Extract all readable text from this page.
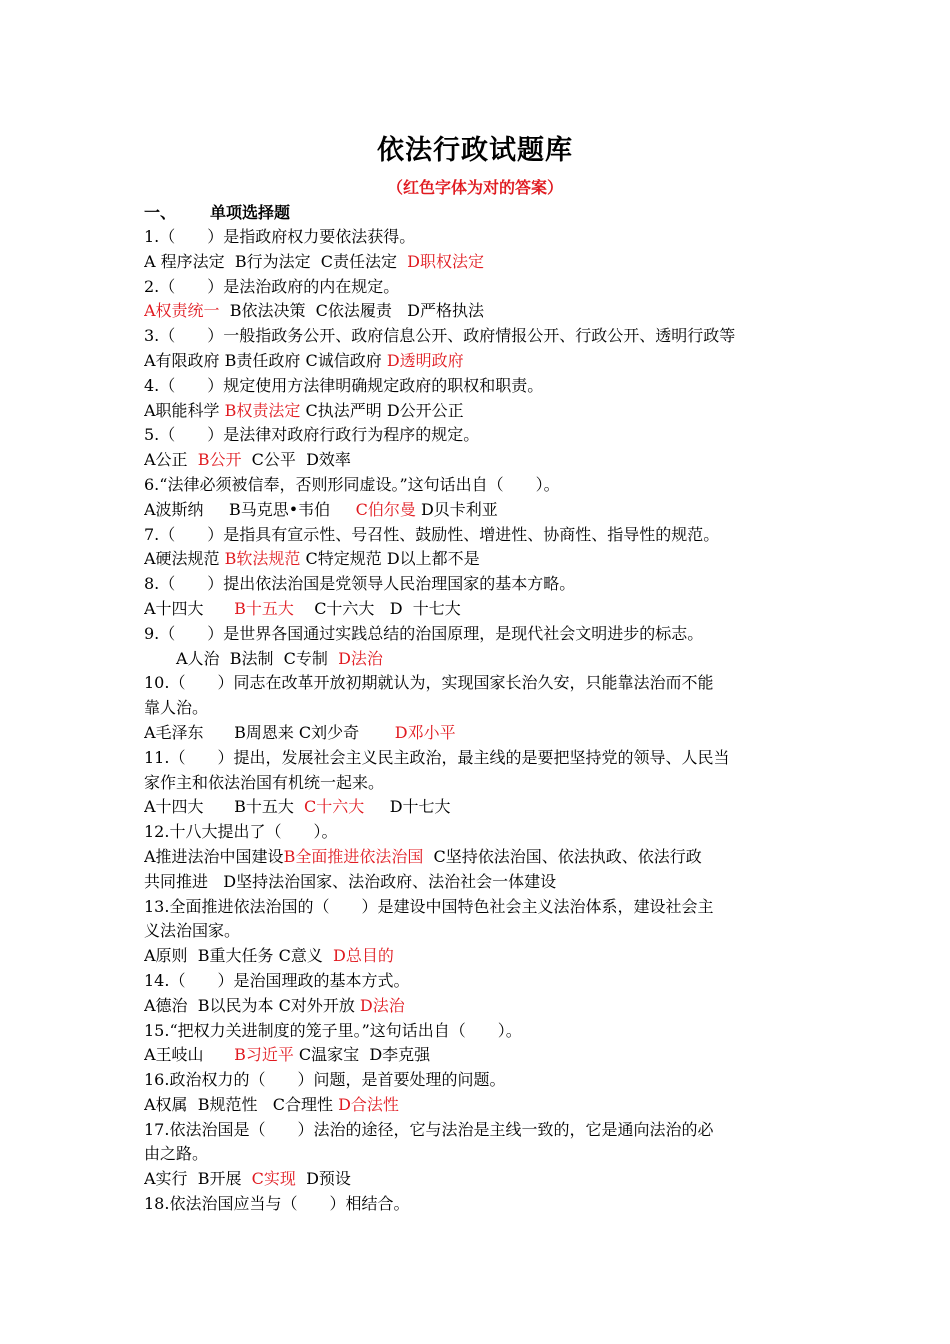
依法行政试题库
（红色字体为对的答案）
一、 单项选择题
1.（　　）是指政府权力要依法获得。
A 程序法定  B行为法定  C责任法定  D职权法定
2.（　　）是法治政府的内在规定。
A权责统一  B依法决策  C依法履责   D严格执法
3.（　　）一般指政务公开、政府信息公开、政府情报公开、行政公开、透明行政等
A有限政府 B责任政府 C诚信政府 D透明政府
4.（　　）规定使用方法律明确规定政府的职权和职责。
A职能科学 B权责法定 C执法严明 D公开公正
5.（　　）是法律对政府行政行为程序的规定。
A公正  B公开  C公平  D效率
6.“法律必须被信奉，否则形同虚设。”这句话出自（　　）。
A波斯纳     B马克思•韦伯     C伯尔曼 D贝卡利亚
7.（　　）是指具有宣示性、号召性、鼓励性、增进性、协商性、指导性的规范。
A硬法规范 B软法规范 C特定规范 D以上都不是
8.（　　）提出依法治国是党领导人民治理国家的基本方略。
A十四大      B十五大    C十六大   D  十七大
9.（　　）是世界各国通过实践总结的治国原理，是现代社会文明进步的标志。
A人治  B法制  C专制  D法治
10.（　　）同志在改革开放初期就认为，实现国家长治久安，只能靠法治而不能
靠人治。
A毛泽东      B周恩来 C刘少奇       D邓小平
11.（　　）提出，发展社会主义民主政治，最主线的是要把坚持党的领导、人民当
家作主和依法治国有机统一起来。
A十四大      B十五大  C十六大     D十七大
12.十八大提出了（　　）。
A推进法治中国建设B全面推进依法治国  C坚持依法治国、依法执政、依法行政
共同推进   D坚持法治国家、法治政府、法治社会一体建设
13.全面推进依法治国的（　　）是建设中国特色社会主义法治体系，建设社会主
义法治国家。
A原则  B重大任务 C意义  D总目的
14.（　　）是治国理政的基本方式。
A德治  B以民为本 C对外开放 D法治
15.“把权力关进制度的笼子里。”这句话出自（　　）。
A王岐山      B习近平 C温家宝  D李克强
16.政治权力的（　　）问题，是首要处理的问题。
A权属  B规范性   C合理性 D合法性
17.依法治国是（　　）法治的途径，它与法治是主线一致的，它是通向法治的必
由之路。
A实行  B开展  C实现  D预设
18.依法治国应当与（　　）相结合。
